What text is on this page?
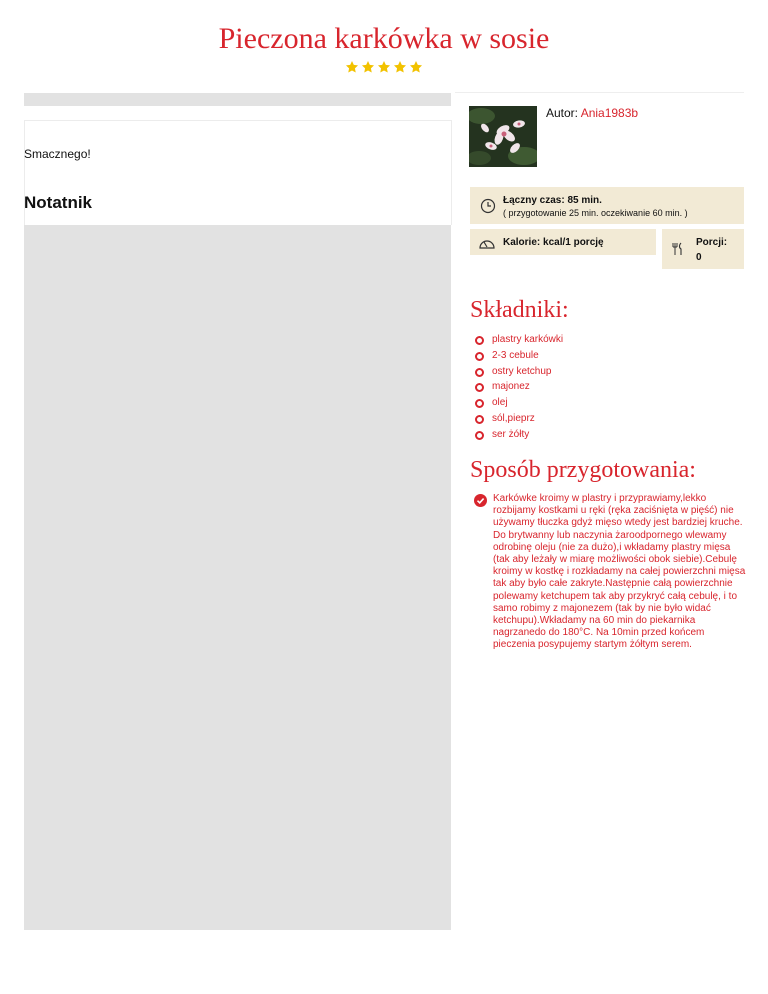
Pieczona karkówka w sosie
Smacznego!
Notatnik
Autor: Ania1983b
Łączny czas: 85 min.
( przygotowanie 25 min. oczekiwanie 60 min. )
Kalorie: kcal/1 porcję	Porcji:
0
Składniki:
plastry karkówki
2-3 cebule
ostry ketchup
majonez
olej
sól,pieprz
ser żółty
Sposób przygotowania:
Karkówke kroimy w plastry i przyprawiamy,lekko rozbijamy kostkami u ręki (ręka zaciśnięta w pięść) nie używamy tłuczka gdyż mięso wtedy jest bardziej kruche. Do brytwanny lub naczynia żaroodpornego wlewamy odrobinę oleju (nie za dużo),i wkładamy plastry mięsa (tak aby leżały w miarę możliwości obok siebie).Cebulę kroimy w kostkę i rozkładamy na całej powierzchni mięsa tak aby było całe zakryte.Następnie całą powierzchnie polewamy ketchupem tak aby przykryć całą cebulę, i to samo robimy z majonezem (tak by nie było widać ketchupu).Wkładamy na 60 min do piekarnika nagrzanedo do 180°C. Na 10min przed końcem pieczenia posypujemy startym żółtym serem.
